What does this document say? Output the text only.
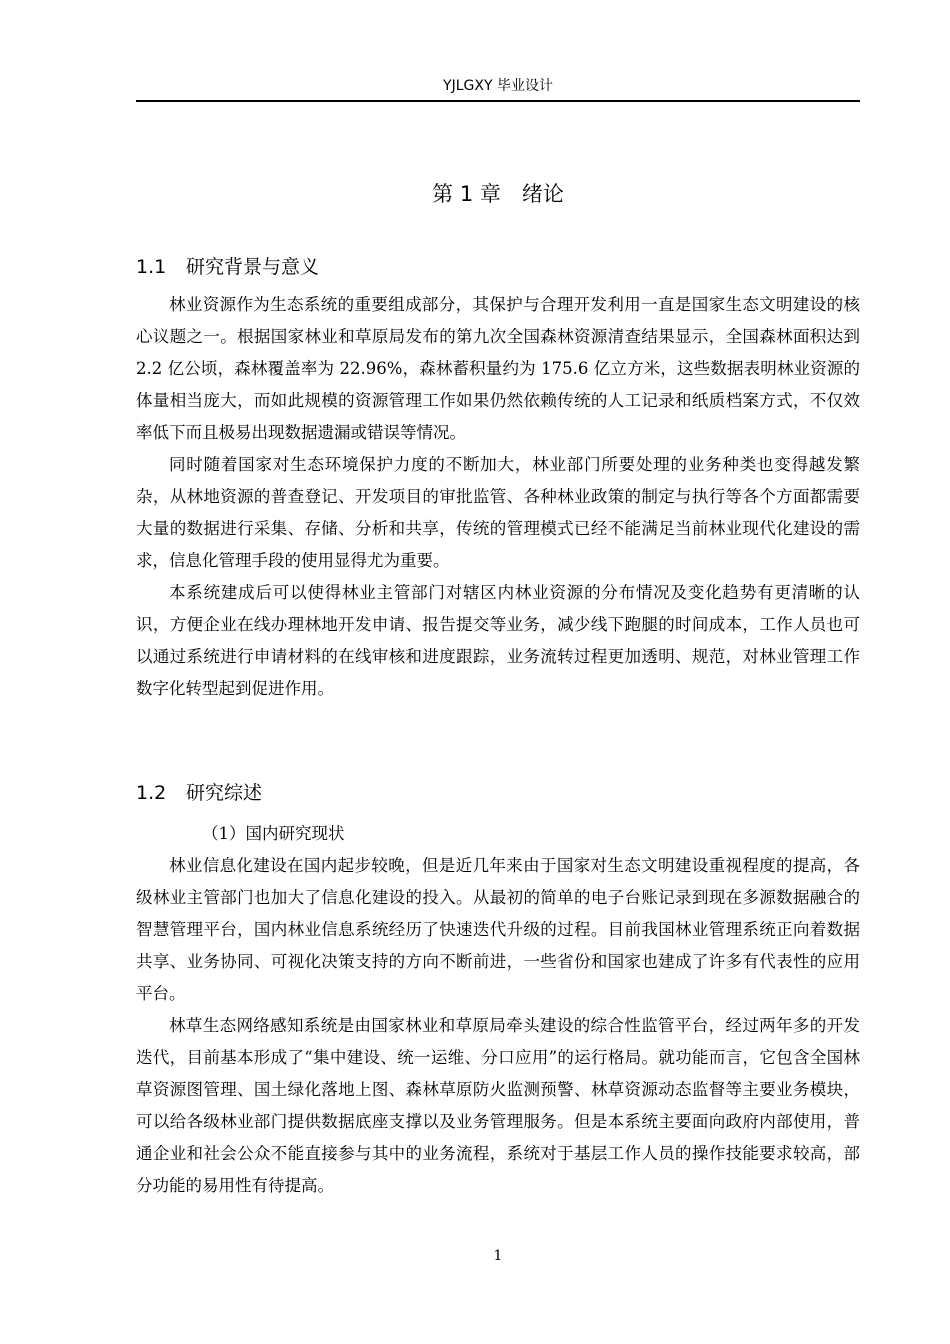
YJLGXY 毕业设计
第 1 章　绪论
1.1 研究背景与意义

林业资源作为生态系统的重要组成部分，其保护与合理开发利用一直是国家生态文明建设的核心议题之一。根据国家林业和草原局发布的第九次全国森林资源清查结果显示，全国森林面积达到 2.2 亿公顷，森林覆盖率为 22.96%，森林蓄积量约为 175.6 亿立方米，这些数据表明林业资源的体量相当庞大，而如此规模的资源管理工作如果仍然依赖传统的人工记录和纸质档案方式，不仅效率低下而且极易出现数据遗漏或错误等情况。

同时随着国家对生态环境保护力度的不断加大，林业部门所要处理的业务种类也变得越发繁杂，从林地资源的普查登记、开发项目的审批监管、各种林业政策的制定与执行等各个方面都需要大量的数据进行采集、存储、分析和共享，传统的管理模式已经不能满足当前林业现代化建设的需求，信息化管理手段的使用显得尤为重要。

本系统建成后可以使得林业主管部门对辖区内林业资源的分布情况及变化趋势有更清晰的认识，方便企业在线办理林地开发申请、报告提交等业务，减少线下跑腿的时间成本，工作人员也可以通过系统进行申请材料的在线审核和进度跟踪，业务流转过程更加透明、规范，对林业管理工作数字化转型起到促进作用。

1.2 研究综述

（1）国内研究现状

林业信息化建设在国内起步较晚，但是近几年来由于国家对生态文明建设重视程度的提高，各级林业主管部门也加大了信息化建设的投入。从最初的简单的电子台账记录到现在多源数据融合的智慧管理平台，国内林业信息系统经历了快速迭代升级的过程。目前我国林业管理系统正向着数据共享、业务协同、可视化决策支持的方向不断前进，一些省份和国家也建成了许多有代表性的应用平台。

林草生态网络感知系统是由国家林业和草原局牵头建设的综合性监管平台，经过两年多的开发迭代，目前基本形成了“集中建设、统一运维、分口应用”的运行格局。就功能而言，它包含全国林草资源图管理、国土绿化落地上图、森林草原防火监测预警、林草资源动态监督等主要业务模块，可以给各级林业部门提供数据底座支撑以及业务管理服务。但是本系统主要面向政府内部使用，普通企业和社会公众不能直接参与其中的业务流程，系统对于基层工作人员的操作技能要求较高，部分功能的易用性有待提高。

1
